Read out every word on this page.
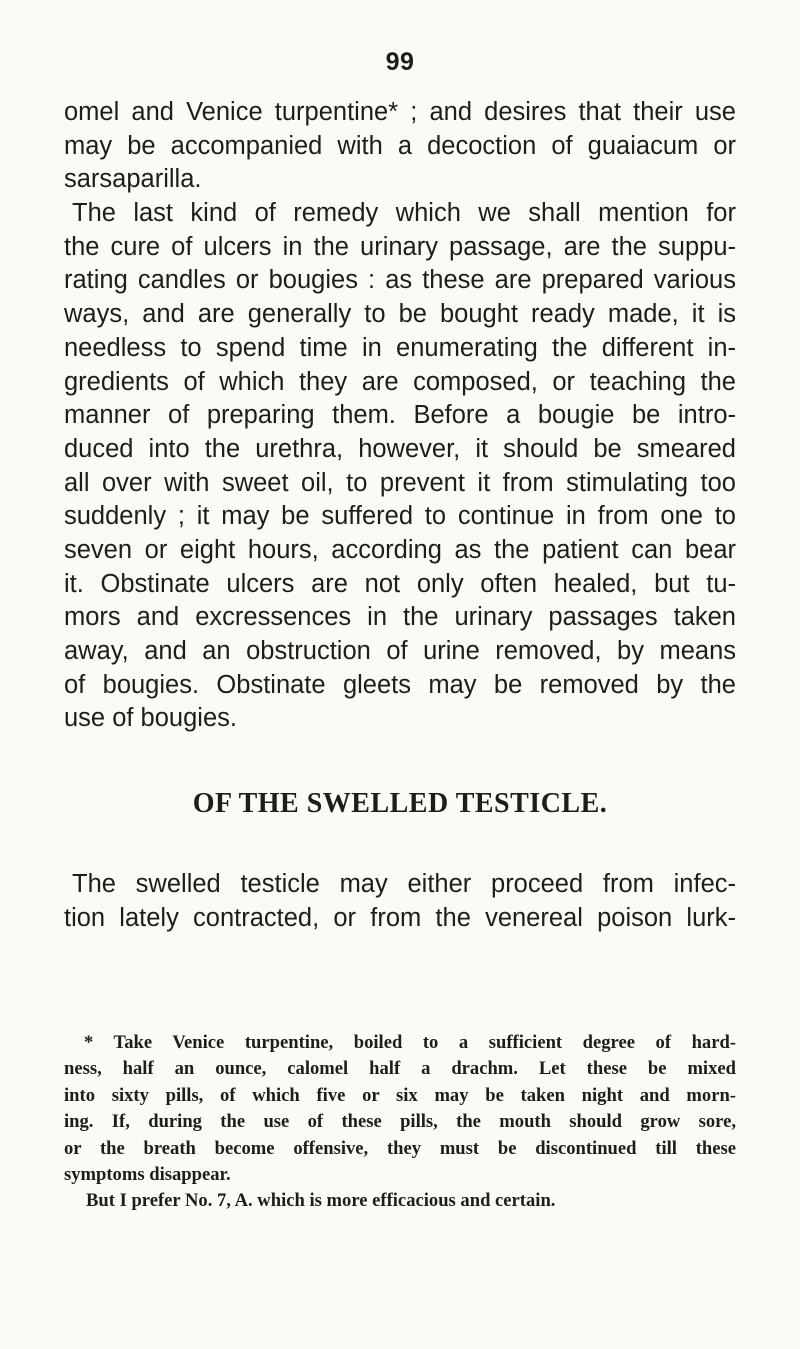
99
omel and Venice turpentine* ; and desires that their use
may be accompanied with a decoction of guaiacum or
sarsaparilla.
The last kind of remedy which we shall mention for
the cure of ulcers in the urinary passage, are the suppu-
rating candles or bougies : as these are prepared various
ways, and are generally to be bought ready made, it is
needless to spend time in enumerating the different in-
gredients of which they are composed, or teaching the
manner of preparing them. Before a bougie be intro-
duced into the urethra, however, it should be smeared
all over with sweet oil, to prevent it from stimulating too
suddenly ; it may be suffered to continue in from one to
seven or eight hours, according as the patient can bear
it. Obstinate ulcers are not only often healed, but tu-
mors and excressences in the urinary passages taken
away, and an obstruction of urine removed, by means
of bougies. Obstinate gleets may be removed by the
use of bougies.
OF THE SWELLED TESTICLE.
The swelled testicle may either proceed from infec-
tion lately contracted, or from the venereal poison lurk-
* Take Venice turpentine, boiled to a sufficient degree of hard-
ness, half an ounce, calomel half a drachm. Let these be mixed
into sixty pills, of which five or six may be taken night and morn-
ing. If, during the use of these pills, the mouth should grow sore,
or the breath become offensive, they must be discontinued till these
symptoms disappear.
But I prefer No. 7, A. which is more efficacious and certain.
